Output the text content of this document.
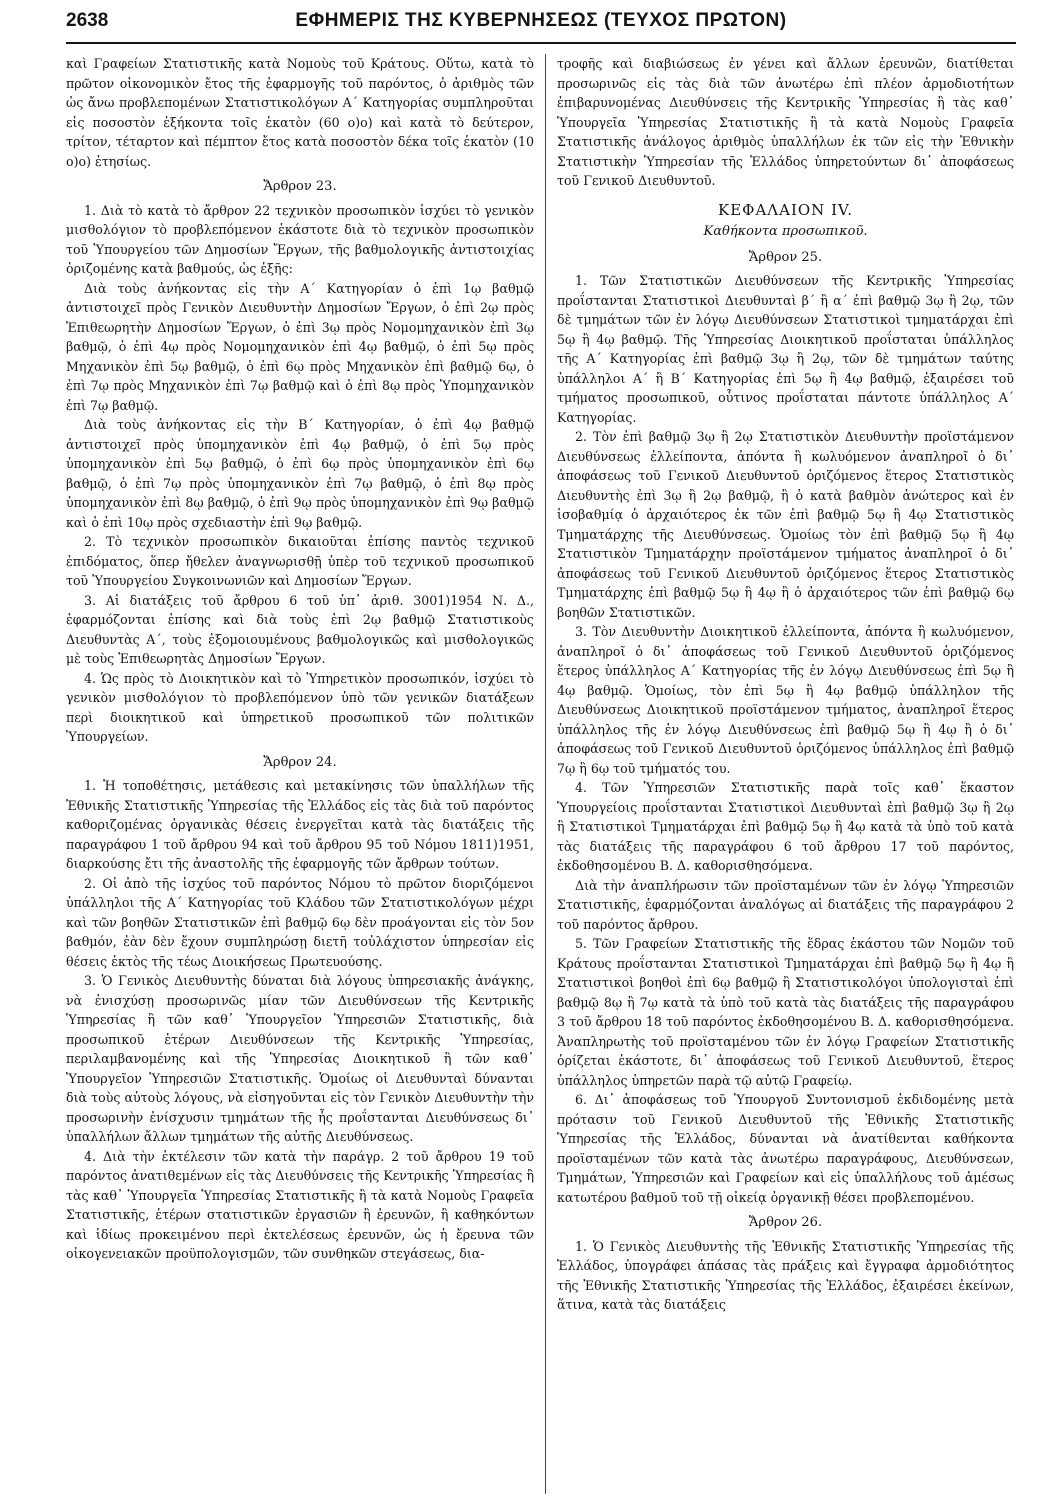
2638	ΕΦΗΜΕΡΙΣ ΤΗΣ ΚΥΒΕΡΝΗΣΕΩΣ (ΤΕΥΧΟΣ ΠΡΩΤΟΝ)

καὶ Γραφείων Στατιστικῆς κατὰ Νομοὺς τοῦ Κράτους. Οὕτω, κατὰ τὸ πρῶτον οἰκονομικὸν ἔτος τῆς ἐφαρμογῆς τοῦ παρόντος, ὁ ἀριθμὸς τῶν ὡς ἄνω προβλεπομένων Στατιστικολόγων Α΄ Κατηγορίας συμπληροῦται εἰς ποσοστὸν ἑξήκοντα τοῖς ἑκατὸν (60 ο)ο) καὶ κατὰ τὸ δεύτερον, τρίτον, τέταρτον καὶ πέμπτον ἔτος κατὰ ποσοστὸν δέκα τοῖς ἑκατὸν (10 ο)ο) ἐτησίως.

Ἄρθρον 23.

1. Διὰ τὸ κατὰ τὸ ἄρθρον 22 τεχνικὸν προσωπικὸν ἰσχύει τὸ γενικὸν μισθολόγιον τὸ προβλεπόμενον ἑκάστοτε διὰ τὸ τεχνικὸν προσωπικὸν τοῦ Ὑπουργείου τῶν Δημοσίων Ἔργων, τῆς βαθμολογικῆς ἀντιστοιχίας ὁριζομένης κατὰ βαθμούς, ὡς ἑξῆς:

Διὰ τοὺς ἀνήκοντας εἰς τὴν Α΄ Κατηγορίαν ὁ ἐπὶ 1ῳ βαθμῷ ἀντιστοιχεῖ πρὸς Γενικὸν Διευθυντὴν Δημοσίων Ἔργων, ὁ ἐπὶ 2ῳ πρὸς Ἐπιθεωρητὴν Δημοσίων Ἔργων, ὁ ἐπὶ 3ῳ πρὸς Νομομηχανικὸν ἐπὶ 3ῳ βαθμῷ, ὁ ἐπὶ 4ῳ πρὸς Νομομηχανικὸν ἐπὶ 4ῳ βαθμῷ, ὁ ἐπὶ 5ῳ πρὸς Μηχανικὸν ἐπὶ 5ῳ βαθμῷ, ὁ ἐπὶ 6ῳ πρὸς Μηχανικὸν ἐπὶ βαθμῷ 6ῳ, ὁ ἐπὶ 7ῳ πρὸς Μηχανικὸν ἐπὶ 7ῳ βαθμῷ καὶ ὁ ἐπὶ 8ῳ πρὸς Ὑπομηχανικὸν ἐπὶ 7ῳ βαθμῷ.

Διὰ τοὺς ἀνήκοντας εἰς τὴν Β΄ Κατηγορίαν, ὁ ἐπὶ 4ῳ βαθμῷ ἀντιστοιχεῖ πρὸς ὑπομηχανικὸν ἐπὶ 4ῳ βαθμῷ, ὁ ἐπὶ 5ῳ πρὸς ὑπομηχανικὸν ἐπὶ 5ῳ βαθμῷ, ὁ ἐπὶ 6ῳ πρὸς ὑπομηχανικὸν ἐπὶ 6ῳ βαθμῷ, ὁ ἐπὶ 7ῳ πρὸς ὑπομηχανικὸν ἐπὶ 7ῳ βαθμῷ, ὁ ἐπὶ 8ῳ πρὸς ὑπομηχανικὸν ἐπὶ 8ῳ βαθμῷ, ὁ ἐπὶ 9ῳ πρὸς ὑπομηχανικὸν ἐπὶ 9ῳ βαθμῷ καὶ ὁ ἐπὶ 10ῳ πρὸς σχεδιαστὴν ἐπὶ 9ῳ βαθμῷ.

2. Τὸ τεχνικὸν προσωπικὸν δικαιοῦται ἐπίσης παντὸς τεχνικοῦ ἐπιδόματος, ὅπερ ἤθελεν ἀναγνωρισθῇ ὑπὲρ τοῦ τεχνικοῦ προσωπικοῦ τοῦ Ὑπουργείου Συγκοινωνιῶν καὶ Δημοσίων Ἔργων.

3. Αἱ διατάξεις τοῦ ἄρθρου 6 τοῦ ὑπ᾽ ἀριθ. 3001)1954 Ν. Δ., ἐφαρμόζονται ἐπίσης καὶ διὰ τοὺς ἐπὶ 2ῳ βαθμῷ Στατιστικοὺς Διευθυντὰς Α΄, τοὺς ἐξομοιουμένους βαθμολογικῶς καὶ μισθολογικῶς μὲ τοὺς Ἐπιθεωρητὰς Δημοσίων Ἔργων.

4. Ὡς πρὸς τὸ Διοικητικὸν καὶ τὸ Ὑπηρετικὸν προσωπικόν, ἰσχύει τὸ γενικὸν μισθολόγιον τὸ προβλεπόμενον ὑπὸ τῶν γενικῶν διατάξεων περὶ διοικητικοῦ καὶ ὑπηρετικοῦ προσωπικοῦ τῶν πολιτικῶν Ὑπουργείων.

Ἄρθρον 24.

1. Ἡ τοποθέτησις, μετάθεσις καὶ μετακίνησις τῶν ὑπαλλήλων τῆς Ἐθνικῆς Στατιστικῆς Ὑπηρεσίας τῆς Ἑλλάδος εἰς τὰς διὰ τοῦ παρόντος καθοριζομένας ὀργανικὰς θέσεις ἐνεργεῖται κατὰ τὰς διατάξεις τῆς παραγράφου 1 τοῦ ἄρθρου 94 καὶ τοῦ ἄρθρου 95 τοῦ Νόμου 1811)1951, διαρκούσης ἔτι τῆς ἀναστολῆς τῆς ἐφαρμογῆς τῶν ἄρθρων τούτων.

2. Οἱ ἀπὸ τῆς ἰσχύος τοῦ παρόντος Νόμου τὸ πρῶτον διοριζόμενοι ὑπάλληλοι τῆς Α΄ Κατηγορίας τοῦ Κλάδου τῶν Στατιστικολόγων μέχρι καὶ τῶν βοηθῶν Στατιστικῶν ἐπὶ βαθμῷ 6ῳ δὲν προάγονται εἰς τὸν 5ον βαθμόν, ἐὰν δὲν ἔχουν συμπληρώσῃ διετῆ τοὐλάχιστον ὑπηρεσίαν εἰς θέσεις ἐκτὸς τῆς τέως Διοικήσεως Πρωτευούσης.

3. Ὁ Γενικὸς Διευθυντὴς δύναται διὰ λόγους ὑπηρεσιακῆς ἀνάγκης, νὰ ἐνισχύσῃ προσωρινῶς μίαν τῶν Διευθύνσεων τῆς Κεντρικῆς Ὑπηρεσίας ἢ τῶν καθ᾽ Ὑπουργεῖον Ὑπηρεσιῶν Στατιστικῆς, διὰ προσωπικοῦ ἑτέρων Διευθύνσεων τῆς Κεντρικῆς Ὑπηρεσίας, περιλαμβανομένης καὶ τῆς Ὑπηρεσίας Διοικητικοῦ ἢ τῶν καθ᾽ Ὑπουργεῖον Ὑπηρεσιῶν Στατιστικῆς. Ὁμοίως οἱ Διευθυνταὶ δύνανται διὰ τοὺς αὐτοὺς λόγους, νὰ εἰσηγοῦνται εἰς τὸν Γενικὸν Διευθυντὴν τὴν προσωρινὴν ἐνίσχυσιν τμημάτων τῆς ἧς προΐστανται Διευθύνσεως δι᾽ ὑπαλλήλων ἄλλων τμημάτων τῆς αὐτῆς Διευθύνσεως.

4. Διὰ τὴν ἐκτέλεσιν τῶν κατὰ τὴν παράγρ. 2 τοῦ ἄρθρου 19 τοῦ παρόντος ἀνατιθεμένων εἰς τὰς Διευθύνσεις τῆς Κεντρικῆς Ὑπηρεσίας ἢ τὰς καθ᾽ Ὑπουργεῖα Ὑπηρεσίας Στατιστικῆς ἢ τὰ κατὰ Νομοὺς Γραφεῖα Στατιστικῆς, ἑτέρων στατιστικῶν ἐργασιῶν ἢ ἐρευνῶν, ἢ καθηκόντων καὶ ἰδίως προκειμένου περὶ ἐκτελέσεως ἐρευνῶν, ὡς ἡ ἔρευνα τῶν οἰκογενειακῶν προϋπολογισμῶν, τῶν συνθηκῶν στεγάσεως, δια-

τροφῆς καὶ διαβιώσεως ἐν γένει καὶ ἄλλων ἐρευνῶν, διατίθεται προσωρινῶς εἰς τὰς διὰ τῶν ἀνωτέρω ἐπὶ πλέον ἁρμοδιοτήτων ἐπιβαρυνομένας Διευθύνσεις τῆς Κεντρικῆς Ὑπηρεσίας ἢ τὰς καθ᾽ Ὑπουργεῖα Ὑπηρεσίας Στατιστικῆς ἢ τὰ κατὰ Νομοὺς Γραφεῖα Στατιστικῆς ἀνάλογος ἀριθμὸς ὑπαλλήλων ἐκ τῶν εἰς τὴν Ἐθνικὴν Στατιστικὴν Ὑπηρεσίαν τῆς Ἑλλάδος ὑπηρετούντων δι᾽ ἀποφάσεως τοῦ Γενικοῦ Διευθυντοῦ.

ΚΕΦΑΛΑΙΟΝ IV.
Καθήκοντα προσωπικοῦ.
Ἄρθρον 25.

1. Τῶν Στατιστικῶν Διευθύνσεων τῆς Κεντρικῆς Ὑπηρεσίας προΐστανται Στατιστικοὶ Διευθυνταὶ β΄ ἢ α΄ ἐπὶ βαθμῷ 3ῳ ἢ 2ῳ, τῶν δὲ τμημάτων τῶν ἐν λόγῳ Διευθύνσεων Στατιστικοὶ τμηματάρχαι ἐπὶ 5ῳ ἢ 4ῳ βαθμῷ. Τῆς Ὑπηρεσίας Διοικητικοῦ προΐσταται ὑπάλληλος τῆς Α΄ Κατηγορίας ἐπὶ βαθμῷ 3ῳ ἢ 2ῳ, τῶν δὲ τμημάτων ταύτης ὑπάλληλοι Α΄ ἢ Β΄ Κατηγορίας ἐπὶ 5ῳ ἢ 4ῳ βαθμῷ, ἐξαιρέσει τοῦ τμήματος προσωπικοῦ, οὗτινος προΐσταται πάντοτε ὑπάλληλος Α΄ Κατηγορίας.

2. Τὸν ἐπὶ βαθμῷ 3ῳ ἢ 2ῳ Στατιστικὸν Διευθυντὴν προϊστάμενον Διευθύνσεως ἐλλείποντα, ἀπόντα ἢ κωλυόμενον ἀναπληροῖ ὁ δι᾽ ἀποφάσεως τοῦ Γενικοῦ Διευθυντοῦ ὁριζόμενος ἕτερος Στατιστικὸς Διευθυντὴς ἐπὶ 3ῳ ἢ 2ῳ βαθμῷ, ἢ ὁ κατὰ βαθμὸν ἀνώτερος καὶ ἐν ἰσοβαθμίᾳ ὁ ἀρχαιότερος ἐκ τῶν ἐπὶ βαθμῷ 5ῳ ἢ 4ῳ Στατιστικὸς Τμηματάρχης τῆς Διευθύνσεως. Ὁμοίως τὸν ἐπὶ βαθμῷ 5ῳ ἢ 4ῳ Στατιστικὸν Τμηματάρχην προϊστάμενον τμήματος ἀναπληροῖ ὁ δι᾽ ἀποφάσεως τοῦ Γενικοῦ Διευθυντοῦ ὁριζόμενος ἕτερος Στατιστικὸς Τμηματάρχης ἐπὶ βαθμῷ 5ῳ ἢ 4ῳ ἢ ὁ ἀρχαιότερος τῶν ἐπὶ βαθμῷ 6ῳ βοηθῶν Στατιστικῶν.

3. Τὸν Διευθυντὴν Διοικητικοῦ ἐλλείποντα, ἀπόντα ἢ κωλυόμενον, ἀναπληροῖ ὁ δι᾽ ἀποφάσεως τοῦ Γενικοῦ Διευθυντοῦ ὁριζόμενος ἕτερος ὑπάλληλος Α΄ Κατηγορίας τῆς ἐν λόγῳ Διευθύνσεως ἐπὶ 5ῳ ἢ 4ῳ βαθμῷ. Ὁμοίως, τὸν ἐπὶ 5ῳ ἢ 4ῳ βαθμῷ ὑπάλληλον τῆς Διευθύνσεως Διοικητικοῦ προϊστάμενον τμήματος, ἀναπληροῖ ἕτερος ὑπάλληλος τῆς ἐν λόγῳ Διευθύνσεως ἐπὶ βαθμῷ 5ῳ ἢ 4ῳ ἢ ὁ δι᾽ ἀποφάσεως τοῦ Γενικοῦ Διευθυντοῦ ὁριζόμενος ὑπάλληλος ἐπὶ βαθμῷ 7ῳ ἢ 6ῳ τοῦ τμήματός του.

4. Τῶν Ὑπηρεσιῶν Στατιστικῆς παρὰ τοῖς καθ᾽ ἕκαστον Ὑπουργείοις προΐστανται Στατιστικοὶ Διευθυνταὶ ἐπὶ βαθμῷ 3ῳ ἢ 2ῳ ἢ Στατιστικοὶ Τμηματάρχαι ἐπὶ βαθμῷ 5ῳ ἢ 4ῳ κατὰ τὰ ὑπὸ τοῦ κατὰ τὰς διατάξεις τῆς παραγράφου 6 τοῦ ἄρθρου 17 τοῦ παρόντος, ἐκδοθησομένου Β. Δ. καθορισθησόμενα.

Διὰ τὴν ἀναπλήρωσιν τῶν προϊσταμένων τῶν ἐν λόγῳ Ὑπηρεσιῶν Στατιστικῆς, ἐφαρμόζονται ἀναλόγως αἱ διατάξεις τῆς παραγράφου 2 τοῦ παρόντος ἄρθρου.

5. Τῶν Γραφείων Στατιστικῆς τῆς ἕδρας ἑκάστου τῶν Νομῶν τοῦ Κράτους προΐστανται Στατιστικοὶ Τμηματάρχαι ἐπὶ βαθμῷ 5ῳ ἢ 4ῳ ἢ Στατιστικοὶ βοηθοὶ ἐπὶ 6ῳ βαθμῷ ἢ Στατιστικολόγοι ὑπολογισταὶ ἐπὶ βαθμῷ 8ῳ ἢ 7ῳ κατὰ τὰ ὑπὸ τοῦ κατὰ τὰς διατάξεις τῆς παραγράφου 3 τοῦ ἄρθρου 18 τοῦ παρόντος ἐκδοθησομένου Β. Δ. καθορισθησόμενα. Ἀναπληρωτὴς τοῦ προϊσταμένου τῶν ἐν λόγῳ Γραφείων Στατιστικῆς ὁρίζεται ἑκάστοτε, δι᾽ ἀποφάσεως τοῦ Γενικοῦ Διευθυντοῦ, ἕτερος ὑπάλληλος ὑπηρετῶν παρὰ τῷ αὐτῷ Γραφείῳ.

6. Δι᾽ ἀποφάσεως τοῦ Ὑπουργοῦ Συντονισμοῦ ἐκδιδομένης μετὰ πρότασιν τοῦ Γενικοῦ Διευθυντοῦ τῆς Ἐθνικῆς Στατιστικῆς Ὑπηρεσίας τῆς Ἑλλάδος, δύνανται νὰ ἀνατίθενται καθήκοντα προϊσταμένων τῶν κατὰ τὰς ἀνωτέρω παραγράφους, Διευθύνσεων, Τμημάτων, Ὑπηρεσιῶν καὶ Γραφείων καὶ εἰς ὑπαλλήλους τοῦ ἀμέσως κατωτέρου βαθμοῦ τοῦ τῇ οἰκείᾳ ὀργανικῇ θέσει προβλεπομένου.

Ἄρθρον 26.

1. Ὁ Γενικὸς Διευθυντὴς τῆς Ἐθνικῆς Στατιστικῆς Ὑπηρεσίας τῆς Ἑλλάδος, ὑπογράφει ἁπάσας τὰς πράξεις καὶ ἔγγραφα ἁρμοδιότητος τῆς Ἐθνικῆς Στατιστικῆς Ὑπηρεσίας τῆς Ἑλλάδος, ἐξαιρέσει ἐκείνων, ἅτινα, κατὰ τὰς διατάξεις
